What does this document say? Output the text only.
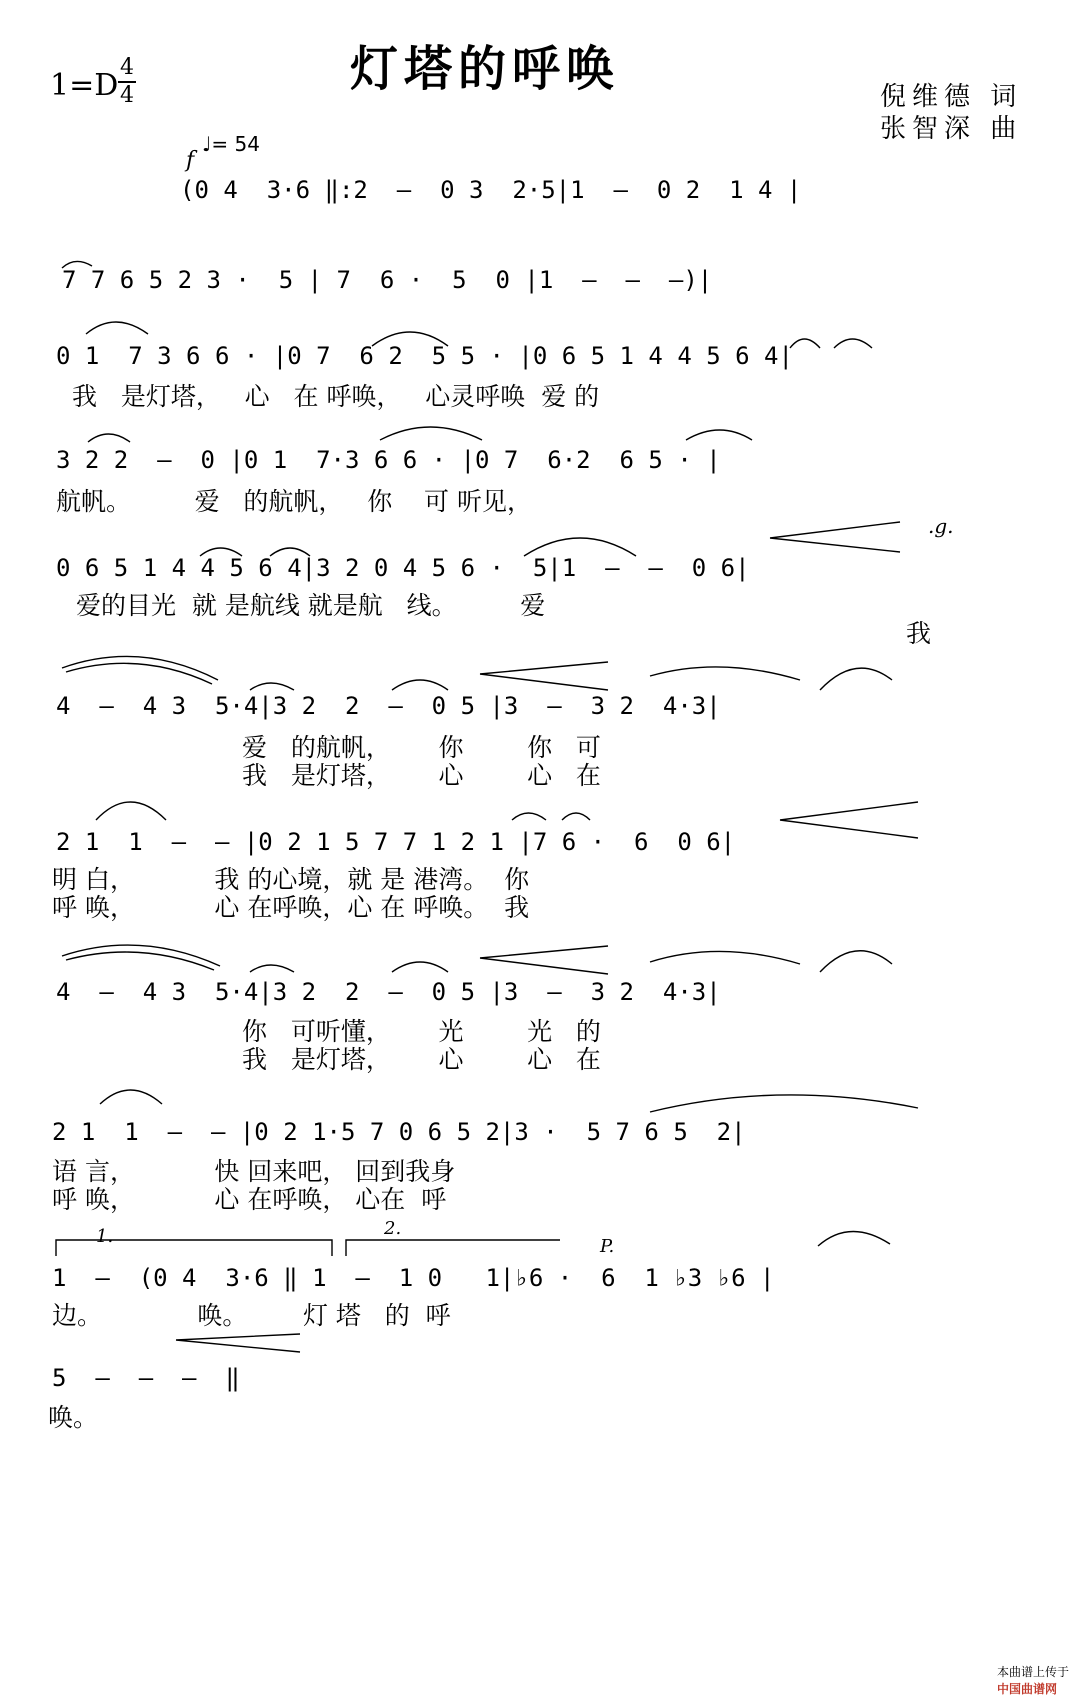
1=D
4
4	灯塔的呼唤	倪维德 词
张智深 曲
♩= 54
f
P.
.g.
1.	2.
(0 4  3·6 ‖:2  —  0 3  2·5|1  —  0 2  1 4 |
7 7 6 5 2 3 ·  5 | 7  6 ·  5  0 |1  —  —  —)|
0 1  7 3 6 6 · |0 7  6 2  5 5 · |0 6 5 1 4 4 5 6 4|
我   是灯塔，   心   在 呼唤，   心灵呼唤  爱 的
3 2 2  —  0 |0 1  7·3 6 6 · |0 7  6·2  6 5 · |
航帆。        爱   的航帆，   你    可 听见，
0 6 5 1 4 4 5 6 4|3 2 0 4 5 6 ·  5|1  —  —  0 6|
爱的目光  就 是航线 就是航   线。        爱
我
4  —  4 3  5·4|3 2  2  —  0 5 |3  —  3 2  4·3|
爱   的航帆，      你        你   可
我   是灯塔，      心        心   在
2 1  1  —  — |0 2 1 5 7 7 1 2 1 |7 6 ·  6  0 6|
明 白，          我 的心境，就 是 港湾。  你
呼 唤，          心 在呼唤，心 在 呼唤。  我
4  —  4 3  5·4|3 2  2  —  0 5 |3  —  3 2  4·3|
你   可听懂，      光        光   的
我   是灯塔，      心        心   在
2 1  1  —  — |0 2 1·5 7 0 6 5 2|3 ·  5 7 6 5  2|
语 言，          快 回来吧， 回到我身
呼 唤，          心 在呼唤， 心在  呼
1  —  (0 4  3·6 ‖ 1  —  1 0   1|♭6 ·  6  1 ♭3 ♭6 |
边。            唤。       灯 塔   的  呼
5  —  —  —  ‖
唤。

本曲谱上传于
中国曲谱网
